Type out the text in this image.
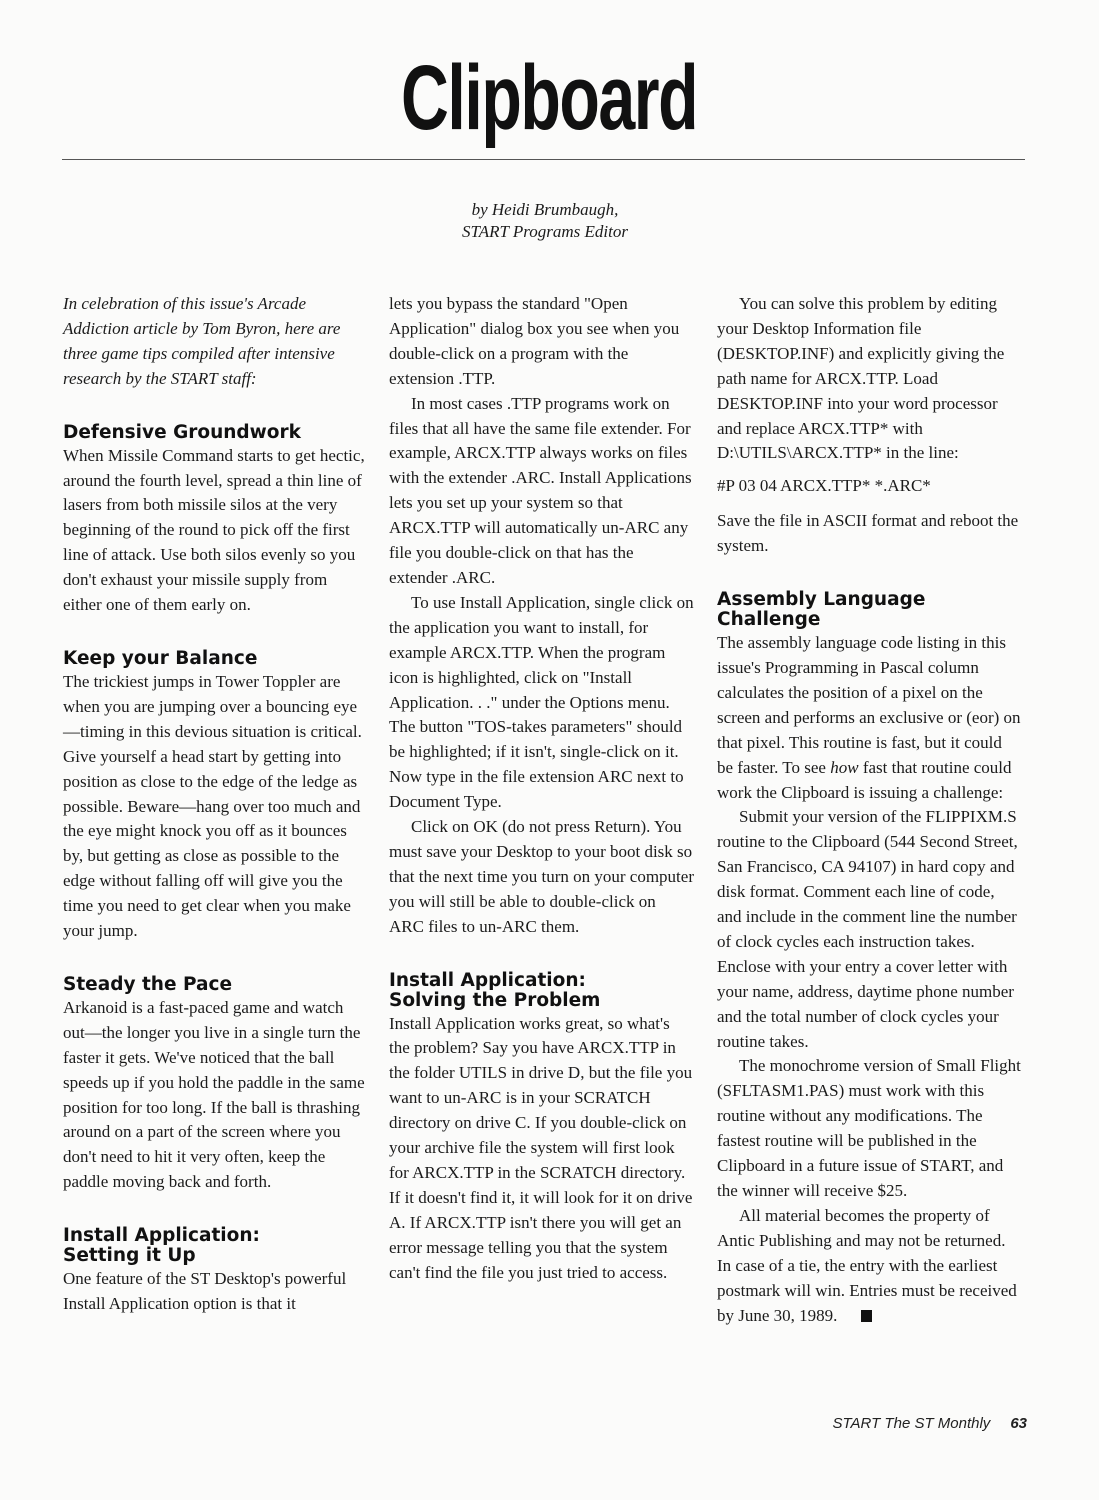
Clipboard
by Heidi Brumbaugh,
START Programs Editor

In celebration of this issue's Arcade Addiction article by Tom Byron, here are three game tips compiled after intensive research by the START staff:

Defensive Groundwork

When Missile Command starts to get hectic, around the fourth level, spread a thin line of lasers from both missile silos at the very beginning of the round to pick off the first line of attack. Use both silos evenly so you don't exhaust your missile supply from either one of them early on.

Keep your Balance

The trickiest jumps in Tower Toppler are when you are jumping over a bouncing eye—timing in this devious situation is critical. Give yourself a head start by getting into position as close to the edge of the ledge as possible. Beware—hang over too much and the eye might knock you off as it bounces by, but getting as close as possible to the edge without falling off will give you the time you need to get clear when you make your jump.

Steady the Pace

Arkanoid is a fast-paced game and watch out—the longer you live in a single turn the faster it gets. We've noticed that the ball speeds up if you hold the paddle in the same position for too long. If the ball is thrashing around on a part of the screen where you don't need to hit it very often, keep the paddle moving back and forth.

Install Application: Setting it Up

One feature of the ST Desktop's powerful Install Application option is that it

lets you bypass the standard "Open Application" dialog box you see when you double-click on a program with the extension .TTP.

In most cases .TTP programs work on files that all have the same file extender. For example, ARCX.TTP always works on files with the extender .ARC. Install Applications lets you set up your system so that ARCX.TTP will automatically un-ARC any file you double-click on that has the extender .ARC.

To use Install Application, single click on the application you want to install, for example ARCX.TTP. When the program icon is highlighted, click on "Install Application. . ." under the Options menu. The button "TOS-takes parameters" should be highlighted; if it isn't, single-click on it. Now type in the file extension ARC next to Document Type.

Click on OK (do not press Return). You must save your Desktop to your boot disk so that the next time you turn on your computer you will still be able to double-click on ARC files to un-ARC them.

Install Application: Solving the Problem

Install Application works great, so what's the problem? Say you have ARCX.TTP in the folder UTILS in drive D, but the file you want to un-ARC is in your SCRATCH directory on drive C. If you double-click on your archive file the system will first look for ARCX.TTP in the SCRATCH directory. If it doesn't find it, it will look for it on drive A. If ARCX.TTP isn't there you will get an error message telling you that the system can't find the file you just tried to access.

You can solve this problem by editing your Desktop Information file (DESKTOP.INF) and explicitly giving the path name for ARCX.TTP. Load DESKTOP.INF into your word processor and replace ARCX.TTP* with D:\UTILS\ARCX.TTP* in the line:

#P 03 04 ARCX.TTP* *.ARC*

Save the file in ASCII format and reboot the system.

Assembly Language Challenge

The assembly language code listing in this issue's Programming in Pascal column calculates the position of a pixel on the screen and performs an exclusive or (eor) on that pixel. This routine is fast, but it could be faster. To see how fast that routine could work the Clipboard is issuing a challenge:

Submit your version of the FLIPPIXM.S routine to the Clipboard (544 Second Street, San Francisco, CA 94107) in hard copy and disk format. Comment each line of code, and include in the comment line the number of clock cycles each instruction takes. Enclose with your entry a cover letter with your name, address, daytime phone number and the total number of clock cycles your routine takes.

The monochrome version of Small Flight (SFLTASM1.PAS) must work with this routine without any modifications. The fastest routine will be published in the Clipboard in a future issue of START, and the winner will receive $25.

All material becomes the property of Antic Publishing and may not be returned. In case of a tie, the entry with the earliest postmark will win. Entries must be received by June 30, 1989.

START The ST Monthly 63
